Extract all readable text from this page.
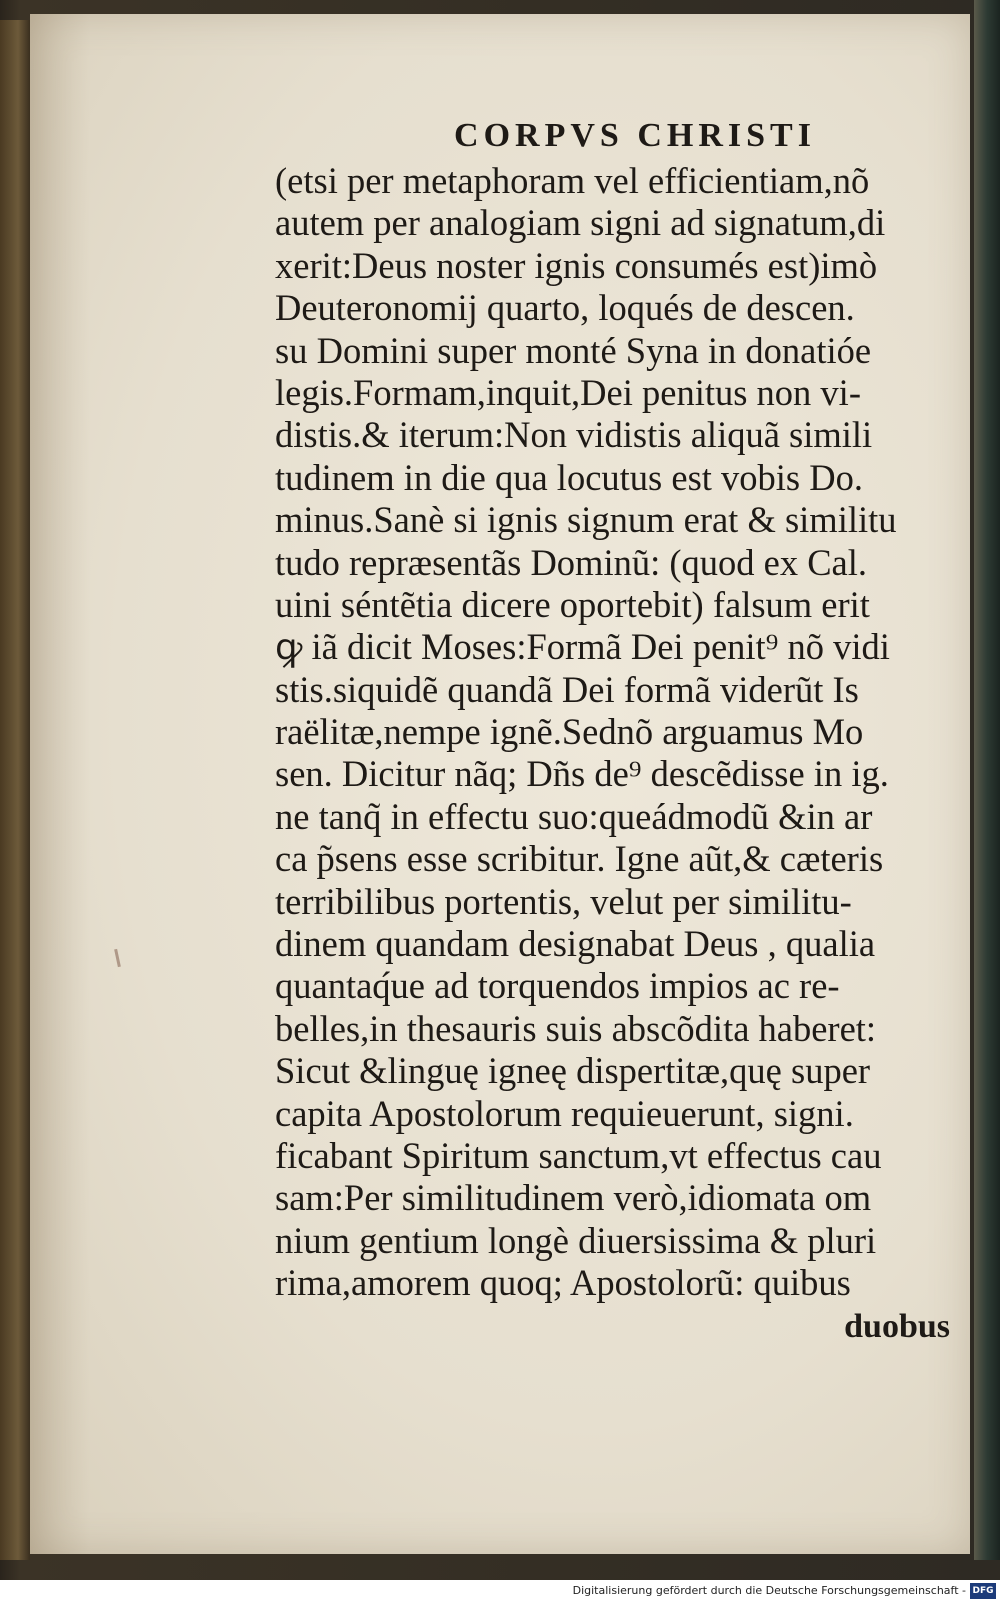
CORPVS CHRISTI
(etsi per metaphoram vel efficientiam,nõ
autem per analogiam signi ad signatum,di
xerit:Deus noster ignis consumés est)imò
Deuteronomij quarto, loqués de descen.
su Domini super monté Syna in donatióe
legis.Formam,inquit,Dei penitus non vi-
distis.& iterum:Non vidistis aliquã simili
tudinem in die qua locutus est vobis Do.
minus.Sanè si ignis signum erat & similitu
tudo repræsentãs Dominũ: (quod ex Cal.
uini séntẽtia dicere oportebit) falsum erit
ꝙ iã dicit Moses:Formã Dei penit⁹ nõ vidi
stis.siquidẽ quandã Dei formã viderũt Is
raëlitæ,nempe ignẽ.Sednõ arguamus Mo
sen. Dicitur nãq; Dñs de⁹ descẽdisse in ig.
ne tanq̃ in effectu suo:queádmodũ &in ar
ca p̃sens esse scribitur. Igne aũt,& cæteris
terribilibus portentis, velut per similitu-
dinem quandam designabat Deus , qualia
quantaq́ue ad torquendos impios ac re-
belles,in thesauris suis abscõdita haberet:
Sicut &linguę igneę dispertitæ,quę super
capita Apostolorum requieuerunt, signi.
ficabant Spiritum sanctum,vt effectus cau
sam:Per similitudinem verò,idiomata om
nium gentium longè diuersissima & pluri
rima,amorem quoq; Apostolorũ: quibus
duobus
Digitalisierung gefördert durch die Deutsche Forschungsgemeinschaft - DFG
